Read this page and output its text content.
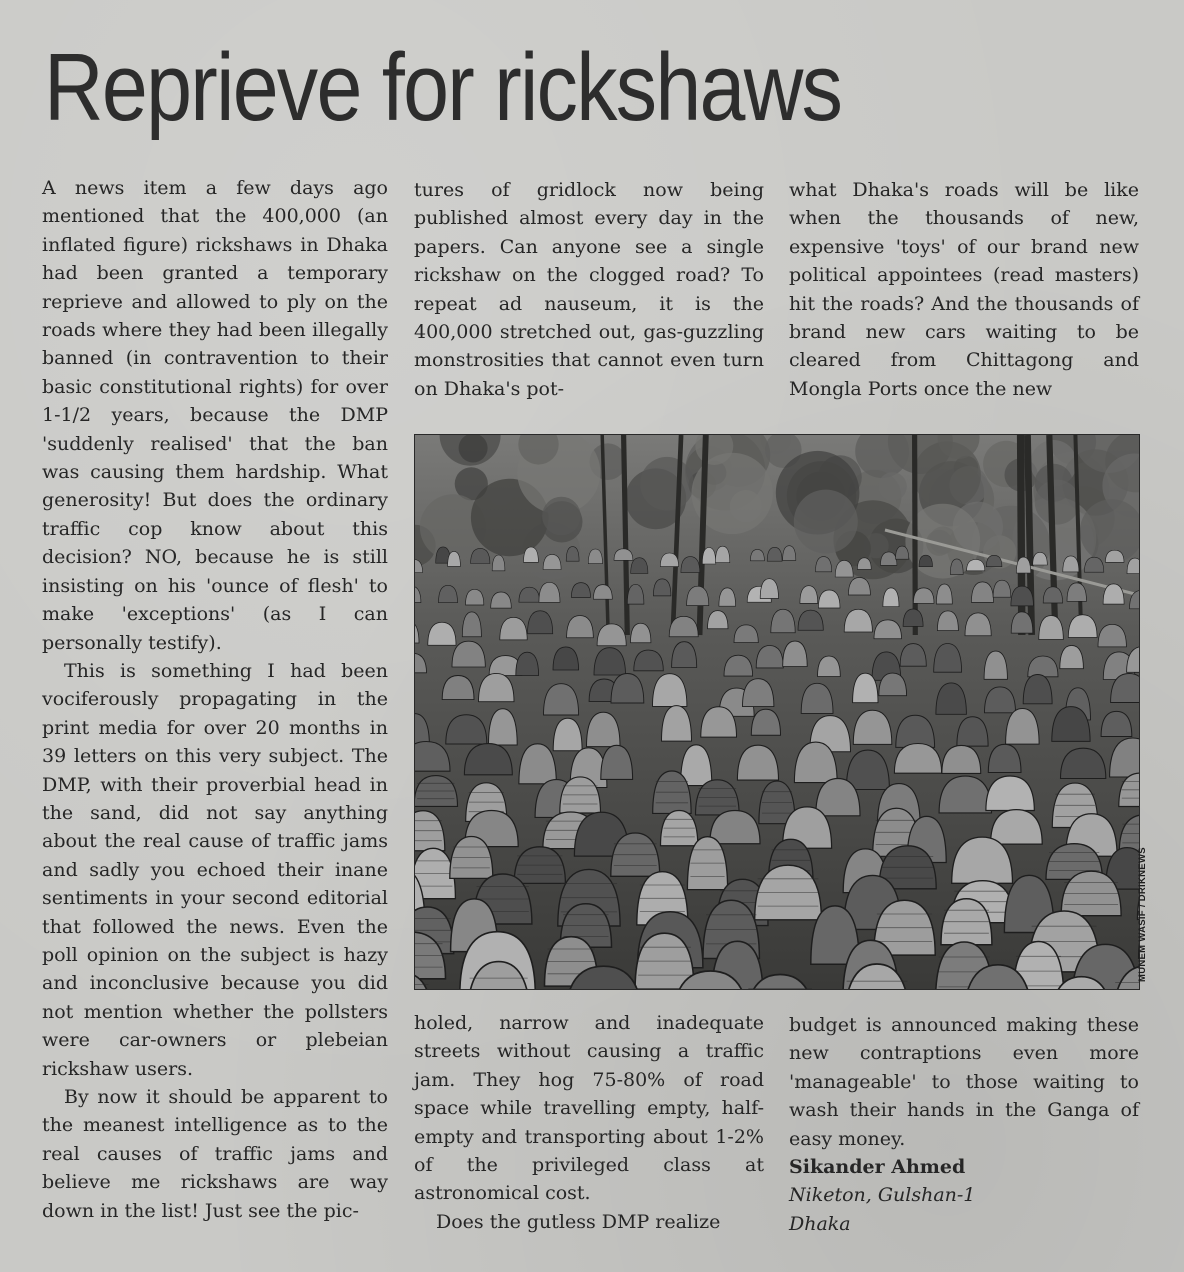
Reprieve for rickshaws

A news item a few days ago mentioned that the 400,000 (an inflated figure) rickshaws in Dhaka had been granted a temporary reprieve and allowed to ply on the roads where they had been illegally banned (in contravention to their basic constitutional rights) for over 1-1/2 years, because the DMP 'suddenly realised' that the ban was causing them hardship. What generosity! But does the ordinary traffic cop know about this decision? NO, because he is still insisting on his 'ounce of flesh' to make 'exceptions' (as I can personally testify).

This is something I had been vociferously propagating in the print media for over 20 months in 39 letters on this very subject. The DMP, with their proverbial head in the sand, did not say anything about the real cause of traffic jams and sadly you echoed their inane sentiments in your second editorial that followed the news. Even the poll opinion on the subject is hazy and inconclusive because you did not mention whether the pollsters were car-owners or plebeian rickshaw users.

By now it should be apparent to the meanest intelligence as to the real causes of traffic jams and believe me rickshaws are way down in the list! Just see the pic-

tures of gridlock now being published almost every day in the papers. Can anyone see a single rickshaw on the clogged road? To repeat ad nauseum, it is the 400,000 stretched out, gas-guzzling monstrosities that cannot even turn on Dhaka's pot-

what Dhaka's roads will be like when the thousands of new, expensive 'toys' of our brand new political appointees (read masters) hit the roads? And the thousands of brand new cars waiting to be cleared from Chittagong and Mongla Ports once the new

MUNEM WASIF / DRIKNEWS

holed, narrow and inadequate streets without causing a traffic jam. They hog 75-80% of road space while travelling empty, half-empty and transporting about 1-2% of the privileged class at astronomical cost.

Does the gutless DMP realize

budget is announced making these new contraptions even more 'manageable' to those waiting to wash their hands in the Ganga of easy money.

Sikander Ahmed
Niketon, Gulshan-1
Dhaka
